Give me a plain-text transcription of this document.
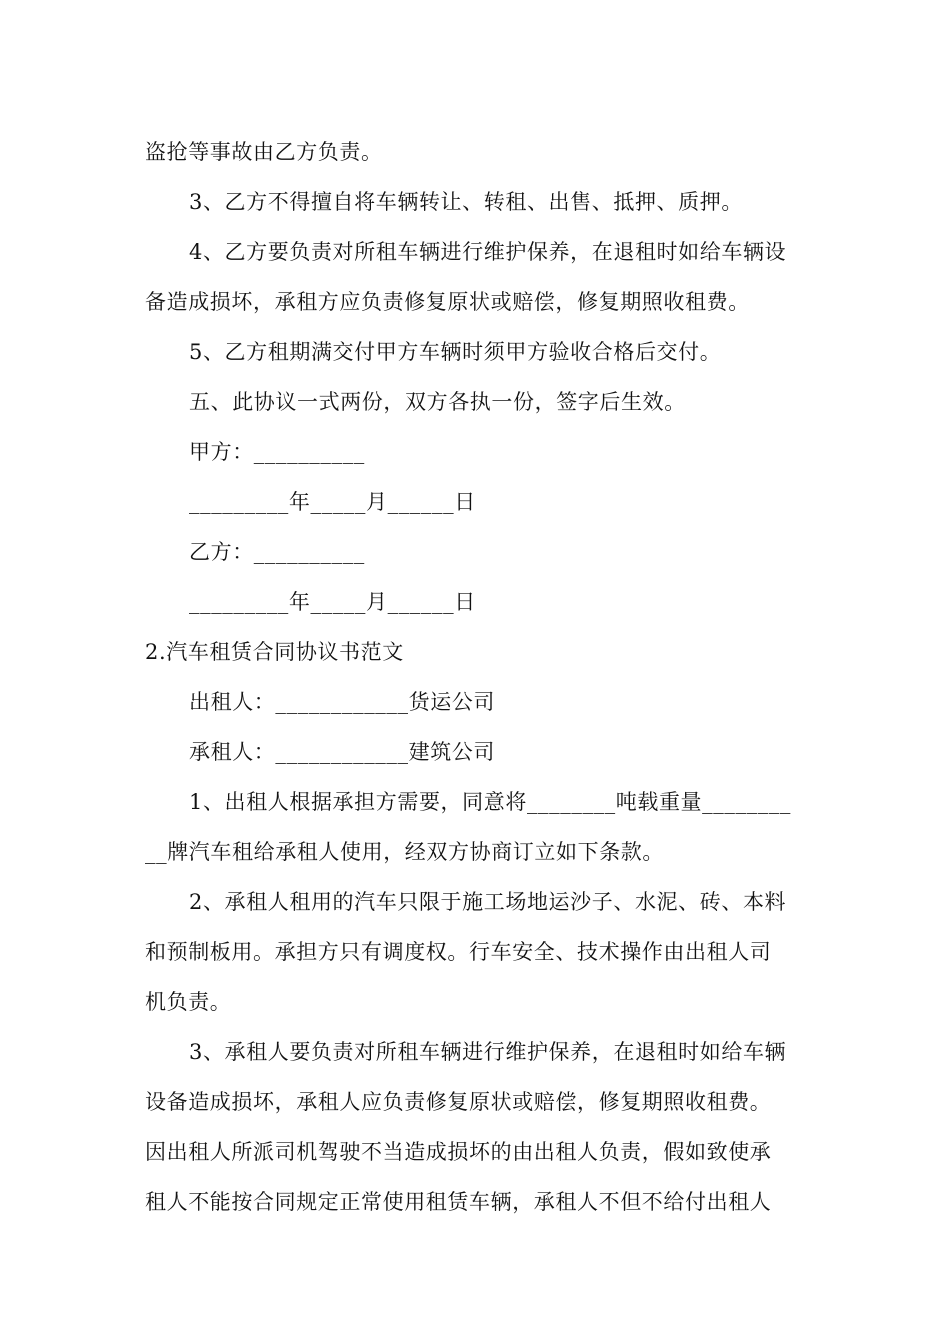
盗抢等事故由乙方负责。
3、乙方不得擅自将车辆转让、转租、出售、抵押、质押。
4、乙方要负责对所租车辆进行维护保养，在退租时如给车辆设
备造成损坏，承租方应负责修复原状或赔偿，修复期照收租费。
5、乙方租期满交付甲方车辆时须甲方验收合格后交付。
五、此协议一式两份，双方各执一份，签字后生效。
甲方：__________
_________年_____月______日
乙方：__________
_________年_____月______日
2.汽车租赁合同协议书范文
出租人：____________货运公司
承租人：____________建筑公司
1、出租人根据承担方需要，同意将________吨载重量________
__牌汽车租给承租人使用，经双方协商订立如下条款。
2、承租人租用的汽车只限于施工场地运沙子、水泥、砖、本料
和预制板用。承担方只有调度权。行车安全、技术操作由出租人司
机负责。
3、承租人要负责对所租车辆进行维护保养，在退租时如给车辆
设备造成损坏，承租人应负责修复原状或赔偿，修复期照收租费。
因出租人所派司机驾驶不当造成损坏的由出租人负责，假如致使承
租人不能按合同规定正常使用租赁车辆，承租人不但不给付出租人
